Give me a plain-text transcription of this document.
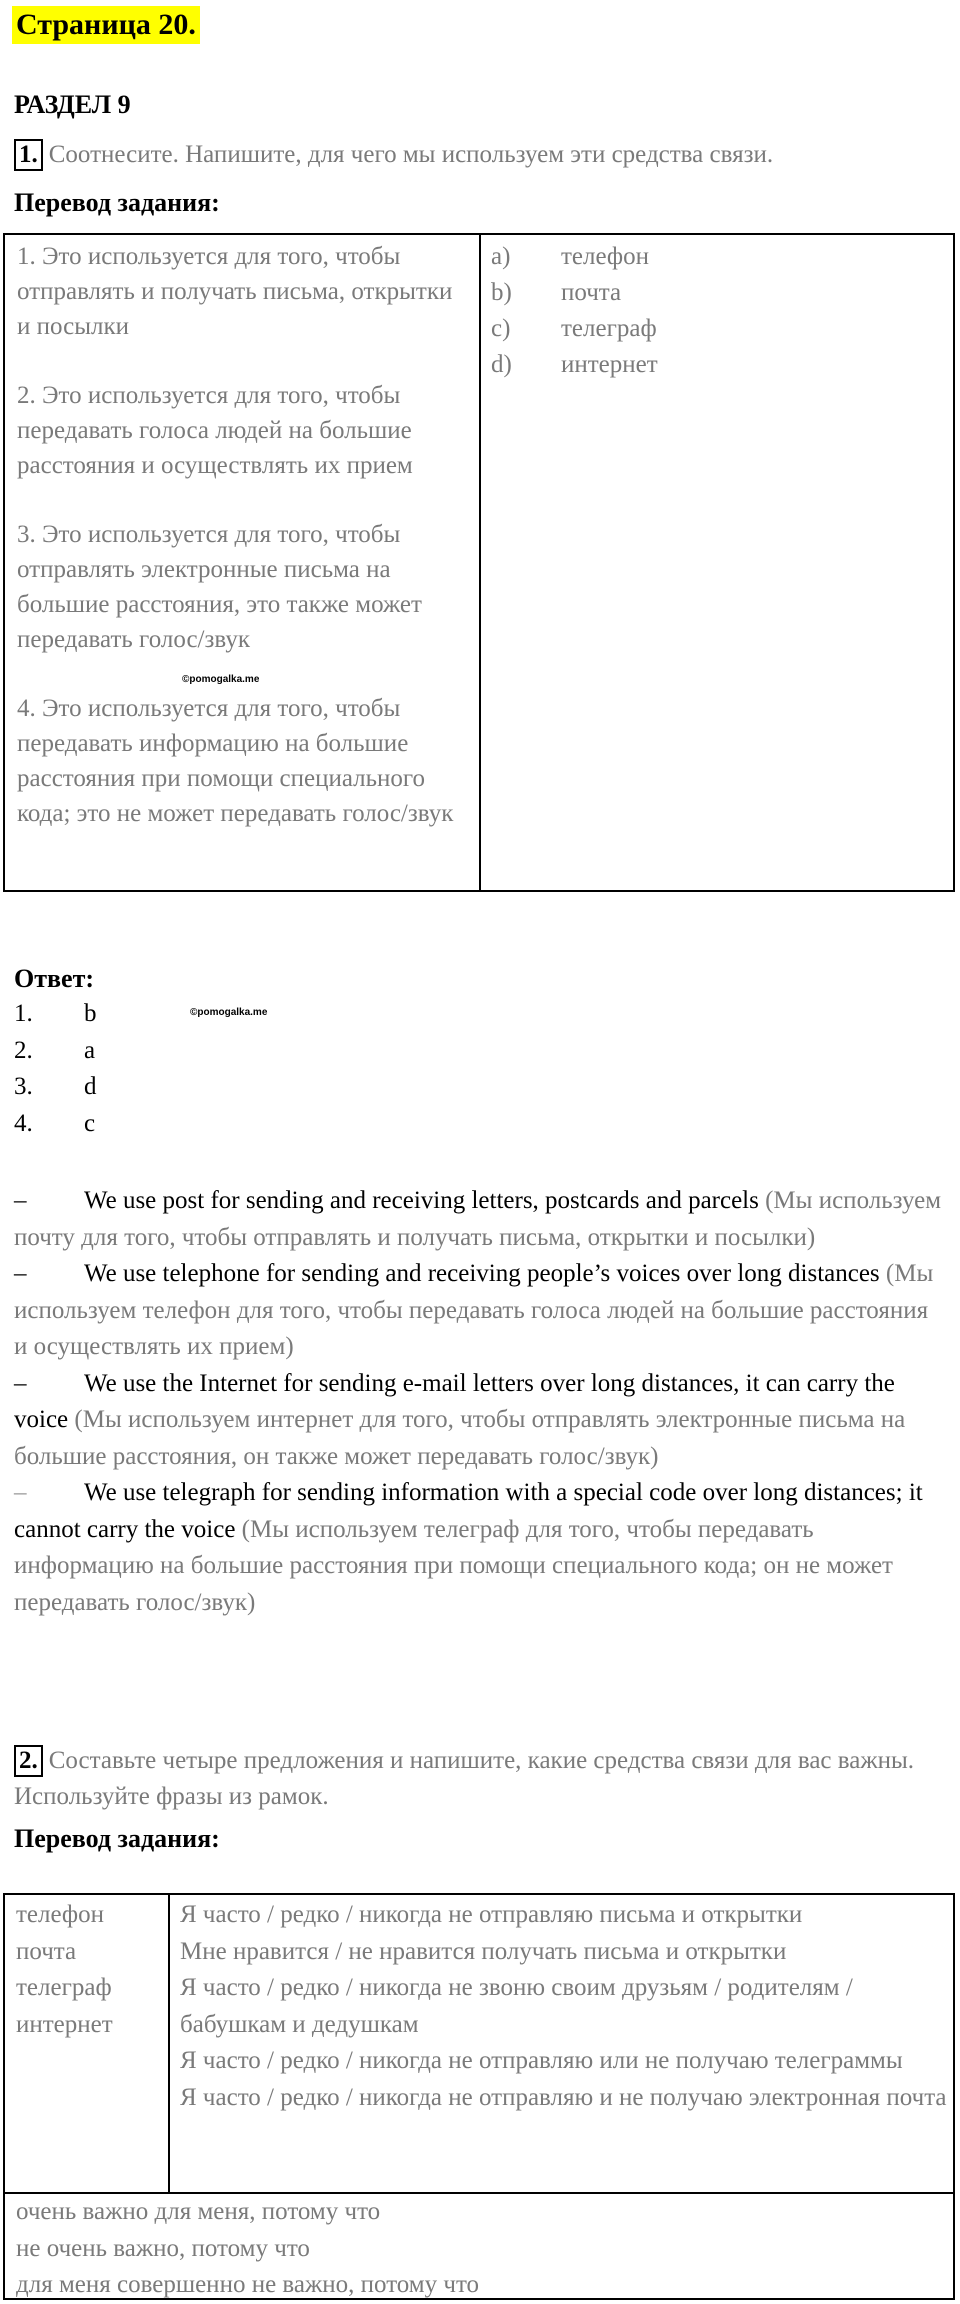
Страница 20.
РАЗДЕЛ 9
1. Соотнесите. Напишите, для чего мы используем эти средства связи.
Перевод задания:
1. Это используется для того, чтобы отправлять и получать письма, открытки и посылки
2. Это используется для того, чтобы передавать голоса людей на большие расстояния и осуществлять их прием
3. Это используется для того, чтобы отправлять электронные письма на большие расстояния, это также может передавать голос/звук
4. Это используется для того, чтобы передавать информацию на большие расстояния при помощи специального кода; это не может передавать голос/звук
©pomogalka.me
a)	телефон
b)	почта
c)	телеграф
d)	интернет
Ответ:
©pomogalka.me
1.	b
2.	a
3.	d
4.	c
– We use post for sending and receiving letters, postcards and parcels (Мы используем почту для того, чтобы отправлять и получать письма, открытки и посылки)
– We use telephone for sending and receiving people’s voices over long distances (Мы используем телефон для того, чтобы передавать голоса людей на большие расстояния и осуществлять их прием)
– We use the Internet for sending e-mail letters over long distances, it can carry the voice (Мы используем интернет для того, чтобы отправлять электронные письма на большие расстояния, он также может передавать голос/звук)
– We use telegraph for sending information with a special code over long distances; it cannot carry the voice (Мы используем телеграф для того, чтобы передавать информацию на большие расстояния при помощи специального кода; он не может передавать голос/звук)
2. Составьте четыре предложения и напишите, какие средства связи для вас важны. Используйте фразы из рамок.
Перевод задания:
телефон
почта
телеграф
интернет
Я часто / редко / никогда не отправляю письма и открытки
Мне нравится / не нравится получать письма и открытки
Я часто / редко / никогда не звоню своим друзьям / родителям / бабушкам и дедушкам
Я часто / редко / никогда не отправляю или не получаю телеграммы
Я часто / редко / никогда не отправляю и не получаю электронная почта
очень важно для меня, потому что
не очень важно, потому что
для меня совершенно не важно, потому что
